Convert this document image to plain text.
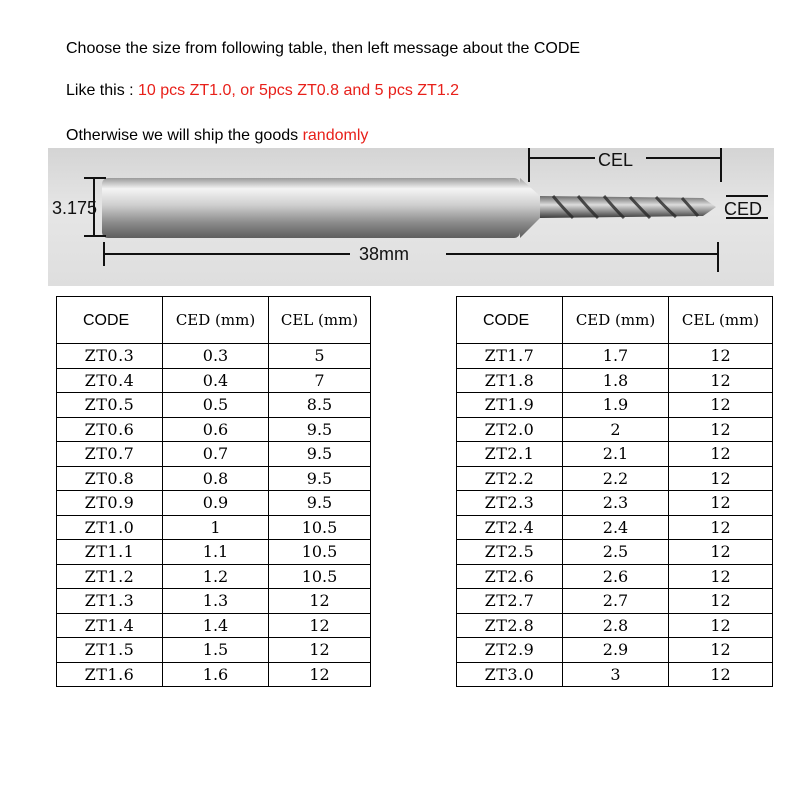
Choose the size from following table, then left message about the CODE
Like this : 10 pcs ZT1.0, or 5pcs ZT0.8 and 5 pcs ZT1.2
Otherwise we will ship the goods randomly
3.175
CEL
CED
38mm
CODE	CED (mm)	CEL (mm)
ZT0.3	0.3	5
ZT0.4	0.4	7
ZT0.5	0.5	8.5
ZT0.6	0.6	9.5
ZT0.7	0.7	9.5
ZT0.8	0.8	9.5
ZT0.9	0.9	9.5
ZT1.0	1	10.5
ZT1.1	1.1	10.5
ZT1.2	1.2	10.5
ZT1.3	1.3	12
ZT1.4	1.4	12
ZT1.5	1.5	12
ZT1.6	1.6	12
CODE	CED (mm)	CEL (mm)
ZT1.7	1.7	12
ZT1.8	1.8	12
ZT1.9	1.9	12
ZT2.0	2	12
ZT2.1	2.1	12
ZT2.2	2.2	12
ZT2.3	2.3	12
ZT2.4	2.4	12
ZT2.5	2.5	12
ZT2.6	2.6	12
ZT2.7	2.7	12
ZT2.8	2.8	12
ZT2.9	2.9	12
ZT3.0	3	12
